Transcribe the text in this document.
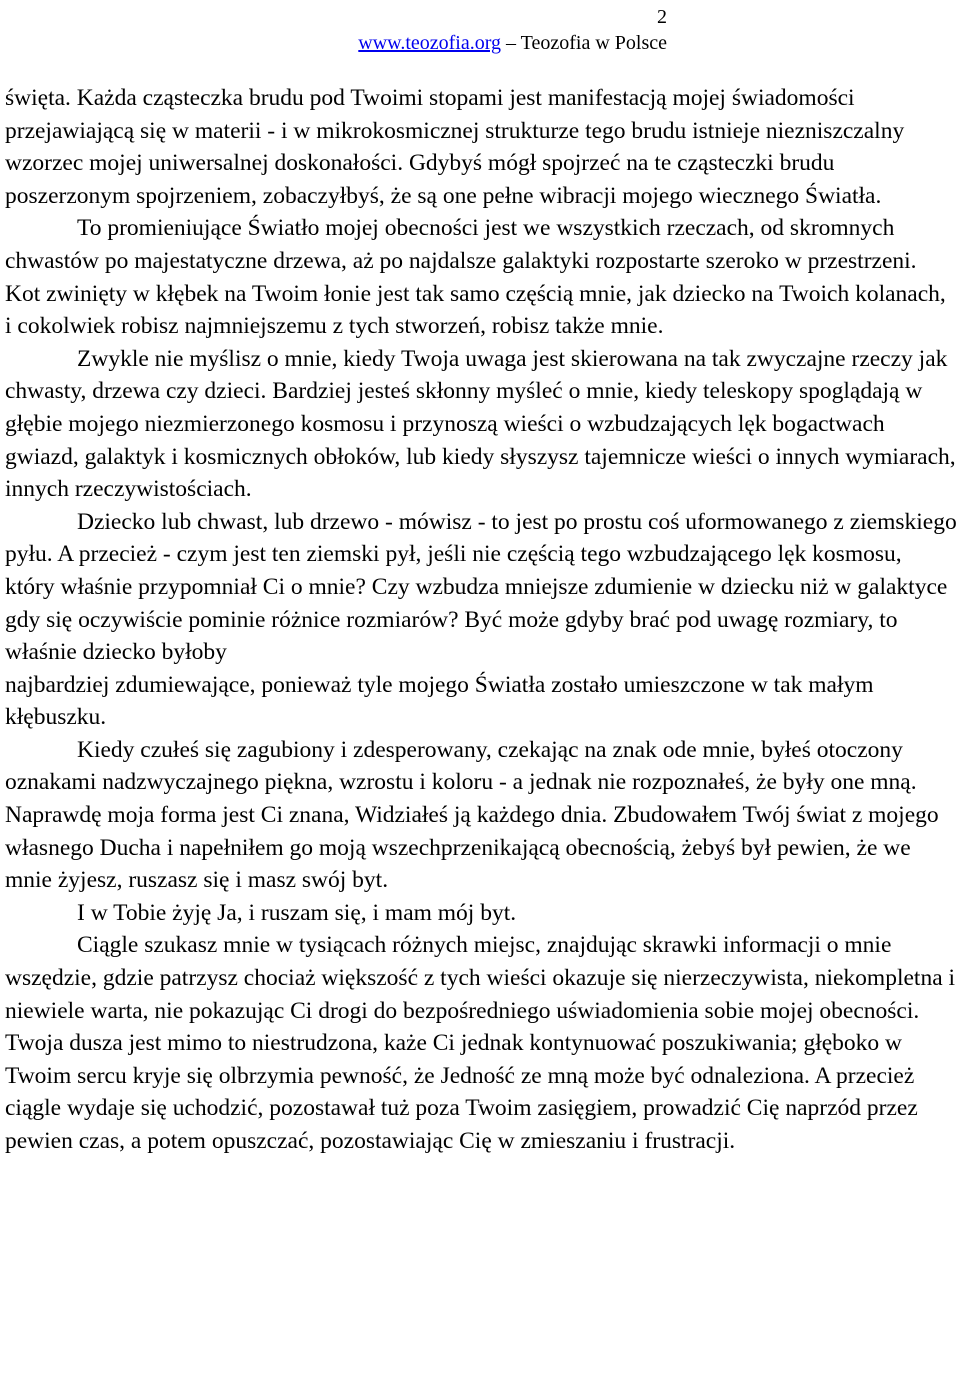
2
www.teozofia.org – Teozofia w Polsce

święta. Każda cząsteczka brudu pod Twoimi stopami jest manifestacją mojej świadomości przejawiającą się w materii - i w mikrokosmicznej strukturze tego brudu istnieje niezniszczalny wzorzec mojej uniwersalnej doskonałości. Gdybyś mógł spojrzeć na te cząsteczki brudu poszerzonym spojrzeniem, zobaczyłbyś, że są one pełne wibracji mojego wiecznego Światła.

To promieniujące Światło mojej obecności jest we wszystkich rzeczach, od skromnych chwastów po majestatyczne drzewa, aż po najdalsze galaktyki rozpostarte szeroko w przestrzeni. Kot zwinięty w kłębek na Twoim łonie jest tak samo częścią mnie, jak dziecko na Twoich kolanach, i cokolwiek robisz najmniejszemu z tych stworzeń, robisz także mnie.

Zwykle nie myślisz o mnie, kiedy Twoja uwaga jest skierowana na tak zwyczajne rzeczy jak chwasty, drzewa czy dzieci. Bardziej jesteś skłonny myśleć o mnie, kiedy teleskopy spoglądają w głębie mojego niezmierzonego kosmosu i przynoszą wieści o wzbudzających lęk bogactwach gwiazd, galaktyk i kosmicznych obłoków, lub kiedy słyszysz tajemnicze wieści o innych wymiarach, innych rzeczywistościach.

Dziecko lub chwast, lub drzewo - mówisz - to jest po prostu coś uformowanego z ziemskiego pyłu. A przecież - czym jest ten ziemski pył, jeśli nie częścią tego wzbudzającego lęk kosmosu, który właśnie przypomniał Ci o mnie? Czy wzbudza mniejsze zdumienie w dziecku niż w galaktyce gdy się oczywiście pominie różnice rozmiarów? Być może gdyby brać pod uwagę rozmiary, to właśnie dziecko byłoby

najbardziej zdumiewające, ponieważ tyle mojego Światła zostało umieszczone w tak małym kłębuszku.

Kiedy czułeś się zagubiony i zdesperowany, czekając na znak ode mnie, byłeś otoczony oznakami nadzwyczajnego piękna, wzrostu i koloru - a jednak nie rozpoznałeś, że były one mną. Naprawdę moja forma jest Ci znana, Widziałeś ją każdego dnia. Zbudowałem Twój świat z mojego własnego Ducha i napełniłem go moją wszechprzenikającą obecnością, żebyś był pewien, że we mnie żyjesz, ruszasz się i masz swój byt.

I w Tobie żyję Ja, i ruszam się, i mam mój byt.

Ciągle szukasz mnie w tysiącach różnych miejsc, znajdując skrawki informacji o mnie wszędzie, gdzie patrzysz chociaż większość z tych wieści okazuje się nierzeczywista, niekompletna i niewiele warta, nie pokazując Ci drogi do bezpośredniego uświadomienia sobie mojej obecności. Twoja dusza jest mimo to niestrudzona, każe Ci jednak kontynuować poszukiwania; głęboko w Twoim sercu kryje się olbrzymia pewność, że Jedność ze mną może być odnaleziona. A przecież ciągle wydaje się uchodzić, pozostawał tuż poza Twoim zasięgiem, prowadzić Cię naprzód przez pewien czas, a potem opuszczać, pozostawiając Cię w zmieszaniu i frustracji.
